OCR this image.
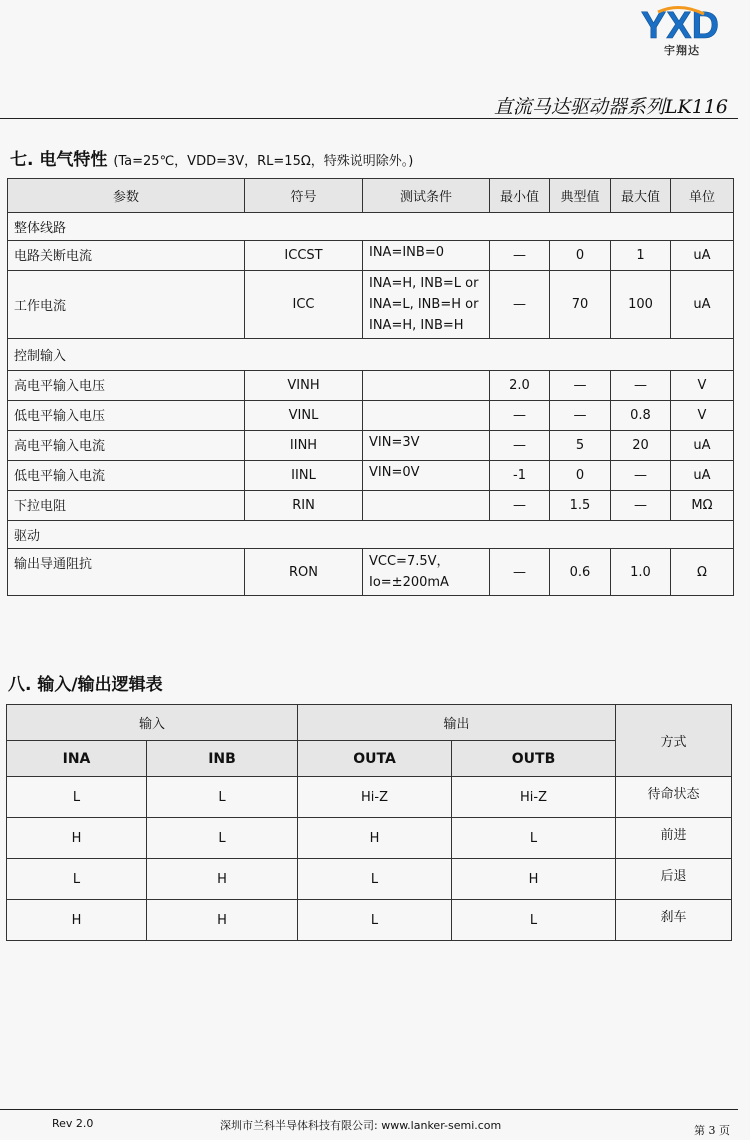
YXD
宇翔达
直流马达驱动器系列LK116
七. 电气特性 (Ta=25℃，VDD=3V，RL=15Ω，特殊说明除外。)
参数	符号	测试条件	最小值	典型值	最大值	单位
整体线路						
电路关断电流	ICCST	INA=INB=0	—	0	1	uA
工作电流	ICC	INA=H, INB=L or
INA=L, INB=H or
INA=H, INB=H	—	70	100	uA
控制输入						
高电平输入电压	VINH		2.0	—	—	V
低电平输入电压	VINL		—	—	0.8	V
高电平输入电流	IINH	VIN=3V	—	5	20	uA
低电平输入电流	IINL	VIN=0V	-1	0	—	uA
下拉电阻	RIN		—	1.5	—	MΩ
驱动						
输出导通阻抗	RON	VCC=7.5V，
Io=±200mA	—	0.6	1.0	Ω
八. 输入/输出逻辑表
输入		输出		方式
INA	INB	OUTA	OUTB	
L	L	Hi-Z	Hi-Z	待命状态
H	L	H	L	前进
L	H	L	H	后退
H	H	L	L	刹车
Rev 2.0	深圳市兰科半导体科技有限公司: www.lanker-semi.com	第 3 页
